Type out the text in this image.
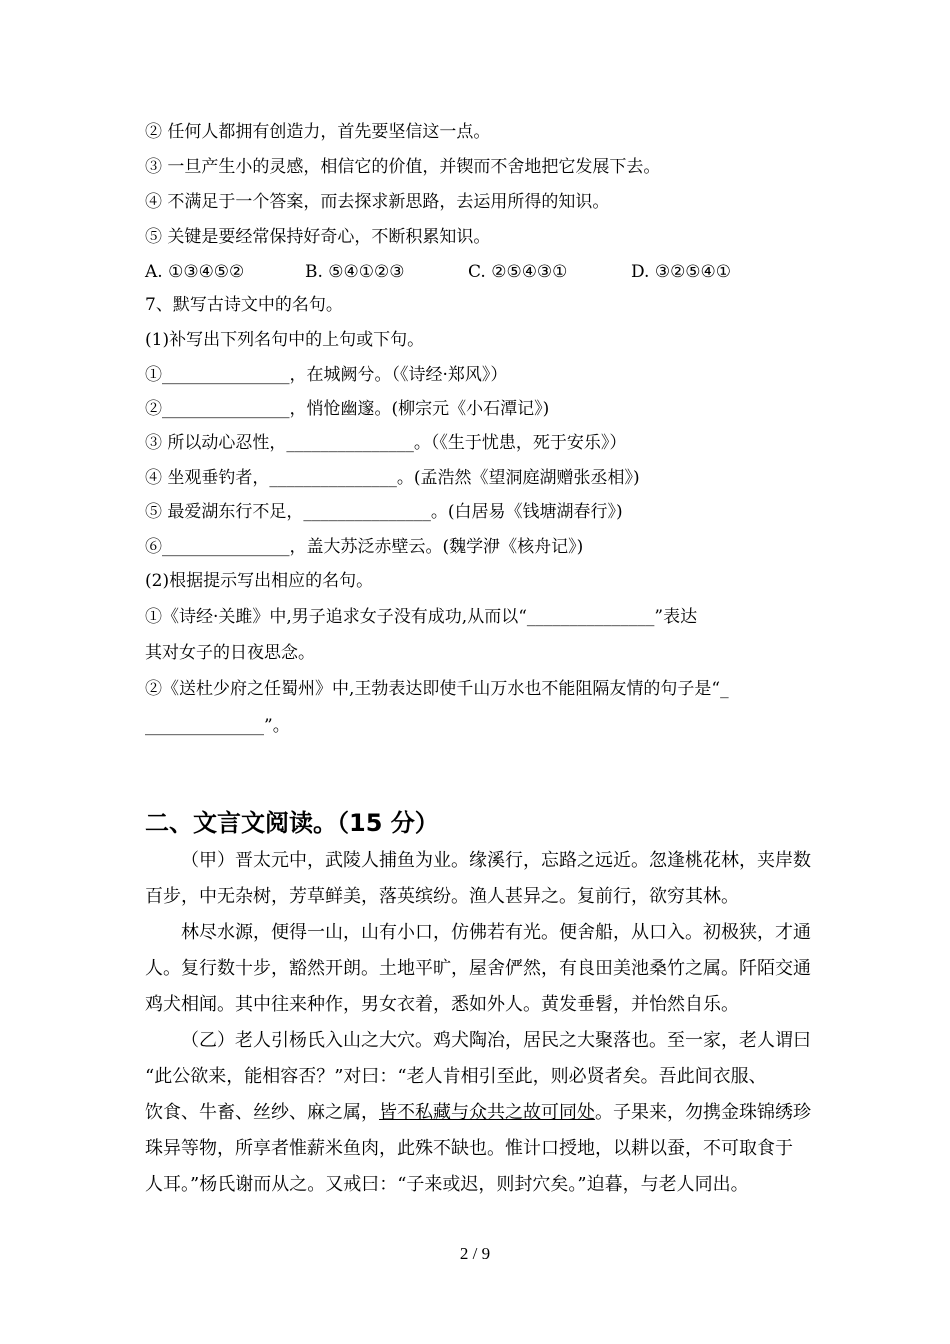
② 任何人都拥有创造力，首先要坚信这一点。
③ 一旦产生小的灵感，相信它的价值，并锲而不舍地把它发展下去。
④ 不满足于一个答案，而去探求新思路，去运用所得的知识。
⑤ 关键是要经常保持好奇心，不断积累知识。
A. ①③④⑤②	B. ⑤④①②③	C. ②⑤④③①	D. ③②⑤④①
7、默写古诗文中的名句。
(1)补写出下列名句中的上句或下句。
①_______________，在城阙兮。（《诗经·郑风》）
②_______________，悄怆幽邃。(柳宗元《小石潭记》)
③ 所以动心忍性，_______________。（《生于忧患，死于安乐》）
④ 坐观垂钓者，_______________。(孟浩然《望洞庭湖赠张丞相》)
⑤ 最爱湖东行不足，_______________。(白居易《钱塘湖春行》)
⑥_______________，盖大苏泛赤壁云。(魏学洢《核舟记》)
(2)根据提示写出相应的名句。
①《诗经·关雎》中,男子追求女子没有成功,从而以“_______________”表达
其对女子的日夜思念。
②《送杜少府之任蜀州》中,王勃表达即使千山万水也不能阻隔友情的句子是“_
______________”。
二、文言文阅读。（15 分）
（甲）晋太元中，武陵人捕鱼为业。缘溪行，忘路之远近。忽逢桃花林，夹岸数
百步，中无杂树，芳草鲜美，落英缤纷。渔人甚异之。复前行，欲穷其林。
林尽水源，便得一山，山有小口，仿佛若有光。便舍船，从口入。初极狭，才通
人。复行数十步，豁然开朗。土地平旷，屋舍俨然，有良田美池桑竹之属。阡陌交通
鸡犬相闻。其中往来种作，男女衣着，悉如外人。黄发垂髫，并怡然自乐。
（乙）老人引杨氏入山之大穴。鸡犬陶冶，居民之大聚落也。至一家，老人谓曰
“此公欲来，能相容否？”对曰：“老人肯相引至此，则必贤者矣。吾此间衣服、
饮食、牛畜、丝纱、麻之属，皆不私藏与众共之故可同处。子果来，勿携金珠锦绣珍
珠异等物，所享者惟薪米鱼肉，此殊不缺也。惟计口授地，以耕以蚕，不可取食于
人耳。”杨氏谢而从之。又戒曰：“子来或迟，则封穴矣。”迫暮，与老人同出。
2 / 9
